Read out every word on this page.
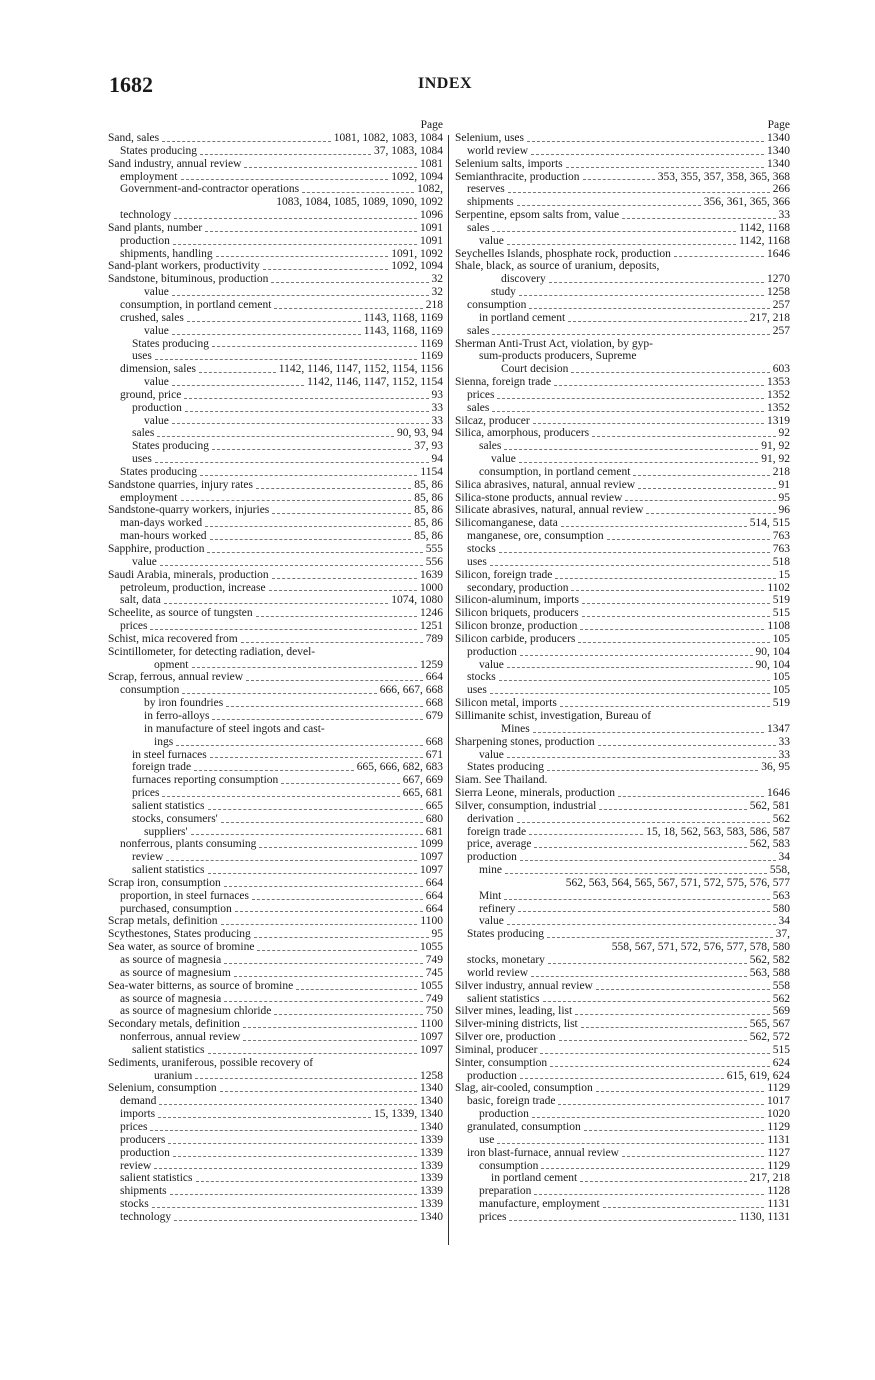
1682	INDEX
Page
Sand, sales	1081, 1082, 1083, 1084
States producing	37, 1083, 1084
Sand industry, annual review	1081
employment	1092, 1094
Government-and-contractor operations	1082,
1083, 1084, 1085, 1089, 1090, 1092
technology	1096
Sand plants, number	1091
production	1091
shipments, handling	1091, 1092
Sand-plant workers, productivity	1092, 1094
Sandstone, bituminous, production	32
value	32
consumption, in portland cement	218
crushed, sales	1143, 1168, 1169
value	1143, 1168, 1169
States producing	1169
uses	1169
dimension, sales	1142, 1146, 1147, 1152, 1154, 1156
value	1142, 1146, 1147, 1152, 1154
ground, price	93
production	33
value	33
sales	90, 93, 94
States producing	37, 93
uses	94
States producing	1154
Sandstone quarries, injury rates	85, 86
employment	85, 86
Sandstone-quarry workers, injuries	85, 86
man-days worked	85, 86
man-hours worked	85, 86
Sapphire, production	555
value	556
Saudi Arabia, minerals, production	1639
petroleum, production, increase	1000
salt, data	1074, 1080
Scheelite, as source of tungsten	1246
prices	1251
Schist, mica recovered from	789
Scintillometer, for detecting radiation, devel-
opment	1259
Scrap, ferrous, annual review	664
consumption	666, 667, 668
by iron foundries	668
in ferro-alloys	679
in manufacture of steel ingots and cast-
ings	668
in steel furnaces	671
foreign trade	665, 666, 682, 683
furnaces reporting consumption	667, 669
prices	665, 681
salient statistics	665
stocks, consumers'	680
suppliers'	681
nonferrous, plants consuming	1099
review	1097
salient statistics	1097
Scrap iron, consumption	664
proportion, in steel furnaces	664
purchased, consumption	664
Scrap metals, definition	1100
Scythestones, States producing	95
Sea water, as source of bromine	1055
as source of magnesia	749
as source of magnesium	745
Sea-water bitterns, as source of bromine	1055
as source of magnesia	749
as source of magnesium chloride	750
Secondary metals, definition	1100
nonferrous, annual review	1097
salient statistics	1097
Sediments, uraniferous, possible recovery of
uranium	1258
Selenium, consumption	1340
demand	1340
imports	15, 1339, 1340
prices	1340
producers	1339
production	1339
review	1339
salient statistics	1339
shipments	1339
stocks	1339
technology	1340
Page
Selenium, uses	1340
world review	1340
Selenium salts, imports	1340
Semianthracite, production	353, 355, 357, 358, 365, 368
reserves	266
shipments	356, 361, 365, 366
Serpentine, epsom salts from, value	33
sales	1142, 1168
value	1142, 1168
Seychelles Islands, phosphate rock, production	1646
Shale, black, as source of uranium, deposits,
discovery	1270
study	1258
consumption	257
in portland cement	217, 218
sales	257
Sherman Anti-Trust Act, violation, by gyp-
sum-products producers, Supreme
Court decision	603
Sienna, foreign trade	1353
prices	1352
sales	1352
Silcaz, producer	1319
Silica, amorphous, producers	92
sales	91, 92
value	91, 92
consumption, in portland cement	218
Silica abrasives, natural, annual review	91
Silica-stone products, annual review	95
Silicate abrasives, natural, annual review	96
Silicomanganese, data	514, 515
manganese, ore, consumption	763
stocks	763
uses	518
Silicon, foreign trade	15
secondary, production	1102
Silicon-aluminum, imports	519
Silicon briquets, producers	515
Silicon bronze, production	1108
Silicon carbide, producers	105
production	90, 104
value	90, 104
stocks	105
uses	105
Silicon metal, imports	519
Sillimanite schist, investigation, Bureau of
Mines	1347
Sharpening stones, production	33
value	33
States producing	36, 95
Siam. See Thailand.
Sierra Leone, minerals, production	1646
Silver, consumption, industrial	562, 581
derivation	562
foreign trade	15, 18, 562, 563, 583, 586, 587
price, average	562, 583
production	34
mine	558,
562, 563, 564, 565, 567, 571, 572, 575, 576, 577
Mint	563
refinery	580
value	34
States producing	37,
558, 567, 571, 572, 576, 577, 578, 580
stocks, monetary	562, 582
world review	563, 588
Silver industry, annual review	558
salient statistics	562
Silver mines, leading, list	569
Silver-mining districts, list	565, 567
Silver ore, production	562, 572
Siminal, producer	515
Sinter, consumption	624
production	615, 619, 624
Slag, air-cooled, consumption	1129
basic, foreign trade	1017
production	1020
granulated, consumption	1129
use	1131
iron blast-furnace, annual review	1127
consumption	1129
in portland cement	217, 218
preparation	1128
manufacture, employment	1131
prices	1130, 1131
